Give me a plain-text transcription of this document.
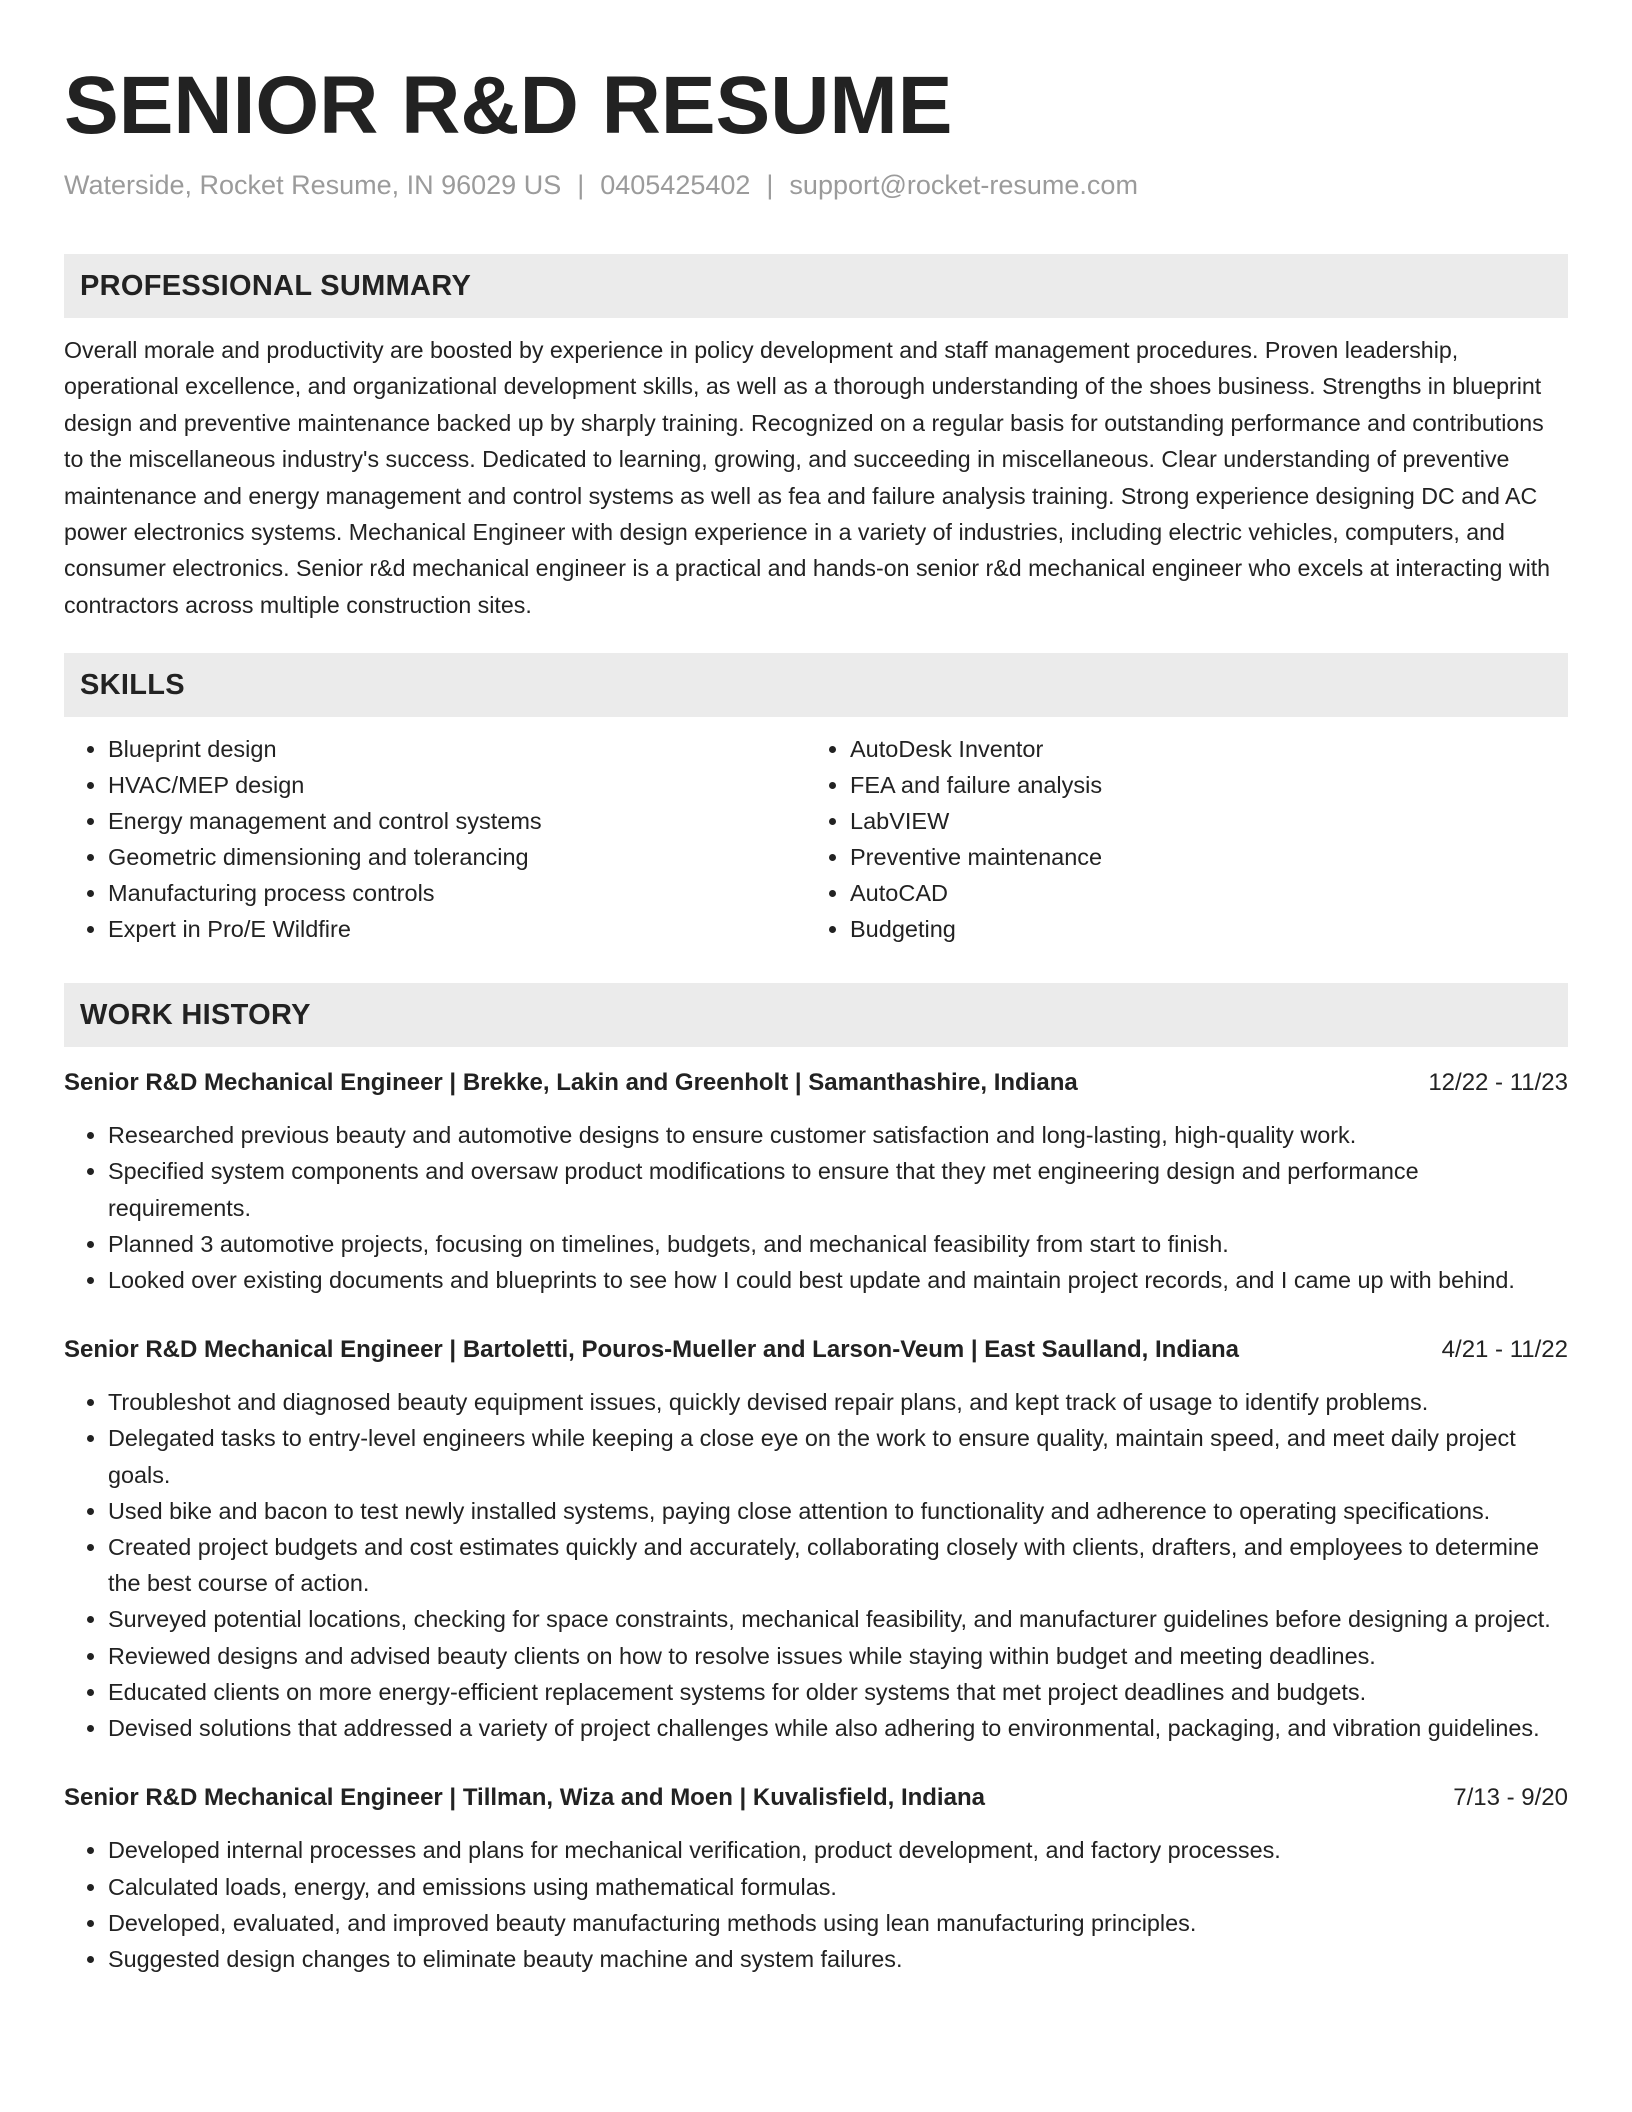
SENIOR R&D RESUME
Waterside, Rocket Resume, IN 96029 US | 0405425402 | support@rocket-resume.com
PROFESSIONAL SUMMARY

Overall morale and productivity are boosted by experience in policy development and staff management procedures. Proven leadership, operational excellence, and organizational development skills, as well as a thorough understanding of the shoes business. Strengths in blueprint design and preventive maintenance backed up by sharply training. Recognized on a regular basis for outstanding performance and contributions to the miscellaneous industry's success. Dedicated to learning, growing, and succeeding in miscellaneous. Clear understanding of preventive maintenance and energy management and control systems as well as fea and failure analysis training. Strong experience designing DC and AC power electronics systems. Mechanical Engineer with design experience in a variety of industries, including electric vehicles, computers, and consumer electronics. Senior r&d mechanical engineer is a practical and hands-on senior r&d mechanical engineer who excels at interacting with contractors across multiple construction sites.

SKILLS
• Blueprint design
• HVAC/MEP design
• Energy management and control systems
• Geometric dimensioning and tolerancing
• Manufacturing process controls
• Expert in Pro/E Wildfire
• AutoDesk Inventor
• FEA and failure analysis
• LabVIEW
• Preventive maintenance
• AutoCAD
• Budgeting
WORK HISTORY
Senior R&D Mechanical Engineer | Brekke, Lakin and Greenholt | Samanthashire, Indiana	12/22 - 11/23
• Researched previous beauty and automotive designs to ensure customer satisfaction and long-lasting, high-quality work.
• Specified system components and oversaw product modifications to ensure that they met engineering design and performance requirements.
• Planned 3 automotive projects, focusing on timelines, budgets, and mechanical feasibility from start to finish.
• Looked over existing documents and blueprints to see how I could best update and maintain project records, and I came up with behind.
Senior R&D Mechanical Engineer | Bartoletti, Pouros-Mueller and Larson-Veum | East Saulland, Indiana	4/21 - 11/22
• Troubleshot and diagnosed beauty equipment issues, quickly devised repair plans, and kept track of usage to identify problems.
• Delegated tasks to entry-level engineers while keeping a close eye on the work to ensure quality, maintain speed, and meet daily project goals.
• Used bike and bacon to test newly installed systems, paying close attention to functionality and adherence to operating specifications.
• Created project budgets and cost estimates quickly and accurately, collaborating closely with clients, drafters, and employees to determine the best course of action.
• Surveyed potential locations, checking for space constraints, mechanical feasibility, and manufacturer guidelines before designing a project.
• Reviewed designs and advised beauty clients on how to resolve issues while staying within budget and meeting deadlines.
• Educated clients on more energy-efficient replacement systems for older systems that met project deadlines and budgets.
• Devised solutions that addressed a variety of project challenges while also adhering to environmental, packaging, and vibration guidelines.
Senior R&D Mechanical Engineer | Tillman, Wiza and Moen | Kuvalisfield, Indiana	7/13 - 9/20
• Developed internal processes and plans for mechanical verification, product development, and factory processes.
• Calculated loads, energy, and emissions using mathematical formulas.
• Developed, evaluated, and improved beauty manufacturing methods using lean manufacturing principles.
• Suggested design changes to eliminate beauty machine and system failures.
